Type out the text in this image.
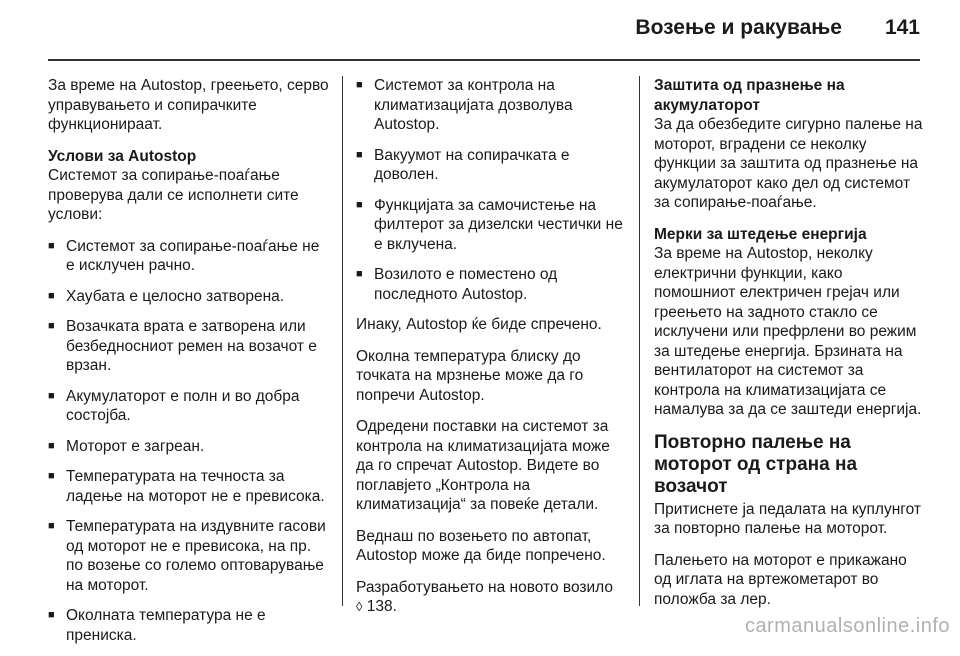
Возење и ракување 141

За време на Autostop, греењето, серво управувањето и сопирачките функционираат.

Услови за Autostop

Системот за сопирање-поаѓање проверува дали се исполнети сите услови:

■ Системот за сопирање-поаѓање не е исклучен рачно.
■ Хаубата е целосно затворена.
■ Возачката врата е затворена или безбедносниот ремен на возачот е врзан.
■ Акумулаторот е полн и во добра состојба.
■ Моторот е загреан.
■ Температурата на течноста за ладење на моторот не е превисока.
■ Температурата на издувните гасови од моторот не е превисока, на пр. по возење со големо оптоварување на моторот.
■ Околната температура не е прениска.
■ Системот за контрола на климатизацијата дозволува Autostop.
■ Вакуумот на сопирачката е доволен.
■ Функцијата за самочистење на филтерот за дизелски честички не е вклучена.
■ Возилото е поместено од последното Autostop.

Инаку, Autostop ќе биде спречено.

Околна температура блиску до точката на мрзнење може да го попречи Autostop.

Одредени поставки на системот за контрола на климатизацијата може да го спречат Autostop. Видете во поглавјето „Контрола на климатизација“ за повеќе детали.

Веднаш по возењето по автопат, Autostop може да биде попречено.

Разработувањето на новото возило
◊ 138.

Заштита од празнење на акумулаторот

За да обезбедите сигурно палење на моторот, вградени се неколку функции за заштита од празнење на акумулаторот како дел од системот за сопирање-поаѓање.

Мерки за штедење енергија

За време на Autostop, неколку електрични функции, како помошниот електричен грејач или греењето на задното стакло се исклучени или префрлени во режим за штедење енергија. Брзината на вентилаторот на системот за контрола на климатизацијата се намалува за да се заштеди енергија.

Повторно палење на моторот од страна на возачот

Притиснете ја педалата на куплунгот за повторно палење на моторот.

Палењето на моторот е прикажано од иглата на вртежометарот во положба за лер.

carmanualsonline.info
